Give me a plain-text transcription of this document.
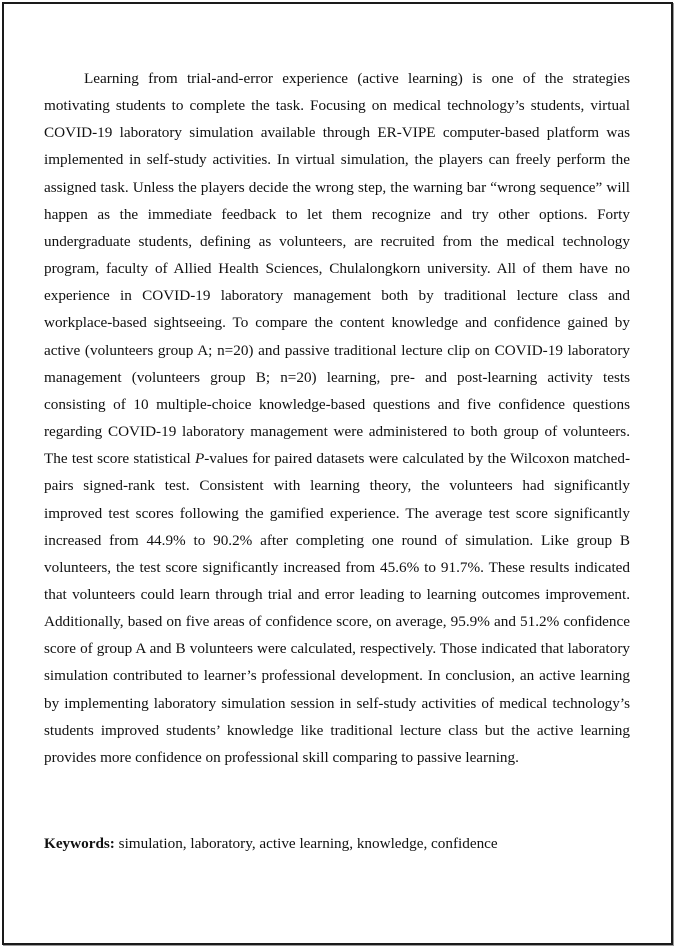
Learning from trial-and-error experience (active learning) is one of the strategies motivating students to complete the task. Focusing on medical technology’s students, virtual COVID-19 laboratory simulation available through ER-VIPE computer-based platform was implemented in self-study activities. In virtual simulation, the players can freely perform the assigned task. Unless the players decide the wrong step, the warning bar “wrong sequence” will happen as the immediate feedback to let them recognize and try other options. Forty undergraduate students, defining as volunteers, are recruited from the medical technology program, faculty of Allied Health Sciences, Chulalongkorn university. All of them have no experience in COVID-19 laboratory management both by traditional lecture class and workplace-based sightseeing. To compare the content knowledge and confidence gained by active (volunteers group A; n=20) and passive traditional lecture clip on COVID-19 laboratory management (volunteers group B; n=20) learning, pre- and post-learning activity tests consisting of 10 multiple-choice knowledge-based questions and five confidence questions regarding COVID-19 laboratory management were administered to both group of volunteers. The test score statistical P-values for paired datasets were calculated by the Wilcoxon matched-pairs signed-rank test. Consistent with learning theory, the volunteers had significantly improved test scores following the gamified experience. The average test score significantly increased from 44.9% to 90.2% after completing one round of simulation. Like group B volunteers, the test score significantly increased from 45.6% to 91.7%. These results indicated that volunteers could learn through trial and error leading to learning outcomes improvement. Additionally, based on five areas of confidence score, on average, 95.9% and 51.2% confidence score of group A and B volunteers were calculated, respectively. Those indicated that laboratory simulation contributed to learner’s professional development. In conclusion, an active learning by implementing laboratory simulation session in self-study activities of medical technology’s students improved students’ knowledge like traditional lecture class but the active learning provides more confidence on professional skill comparing to passive learning.

Keywords: simulation, laboratory, active learning, knowledge, confidence
